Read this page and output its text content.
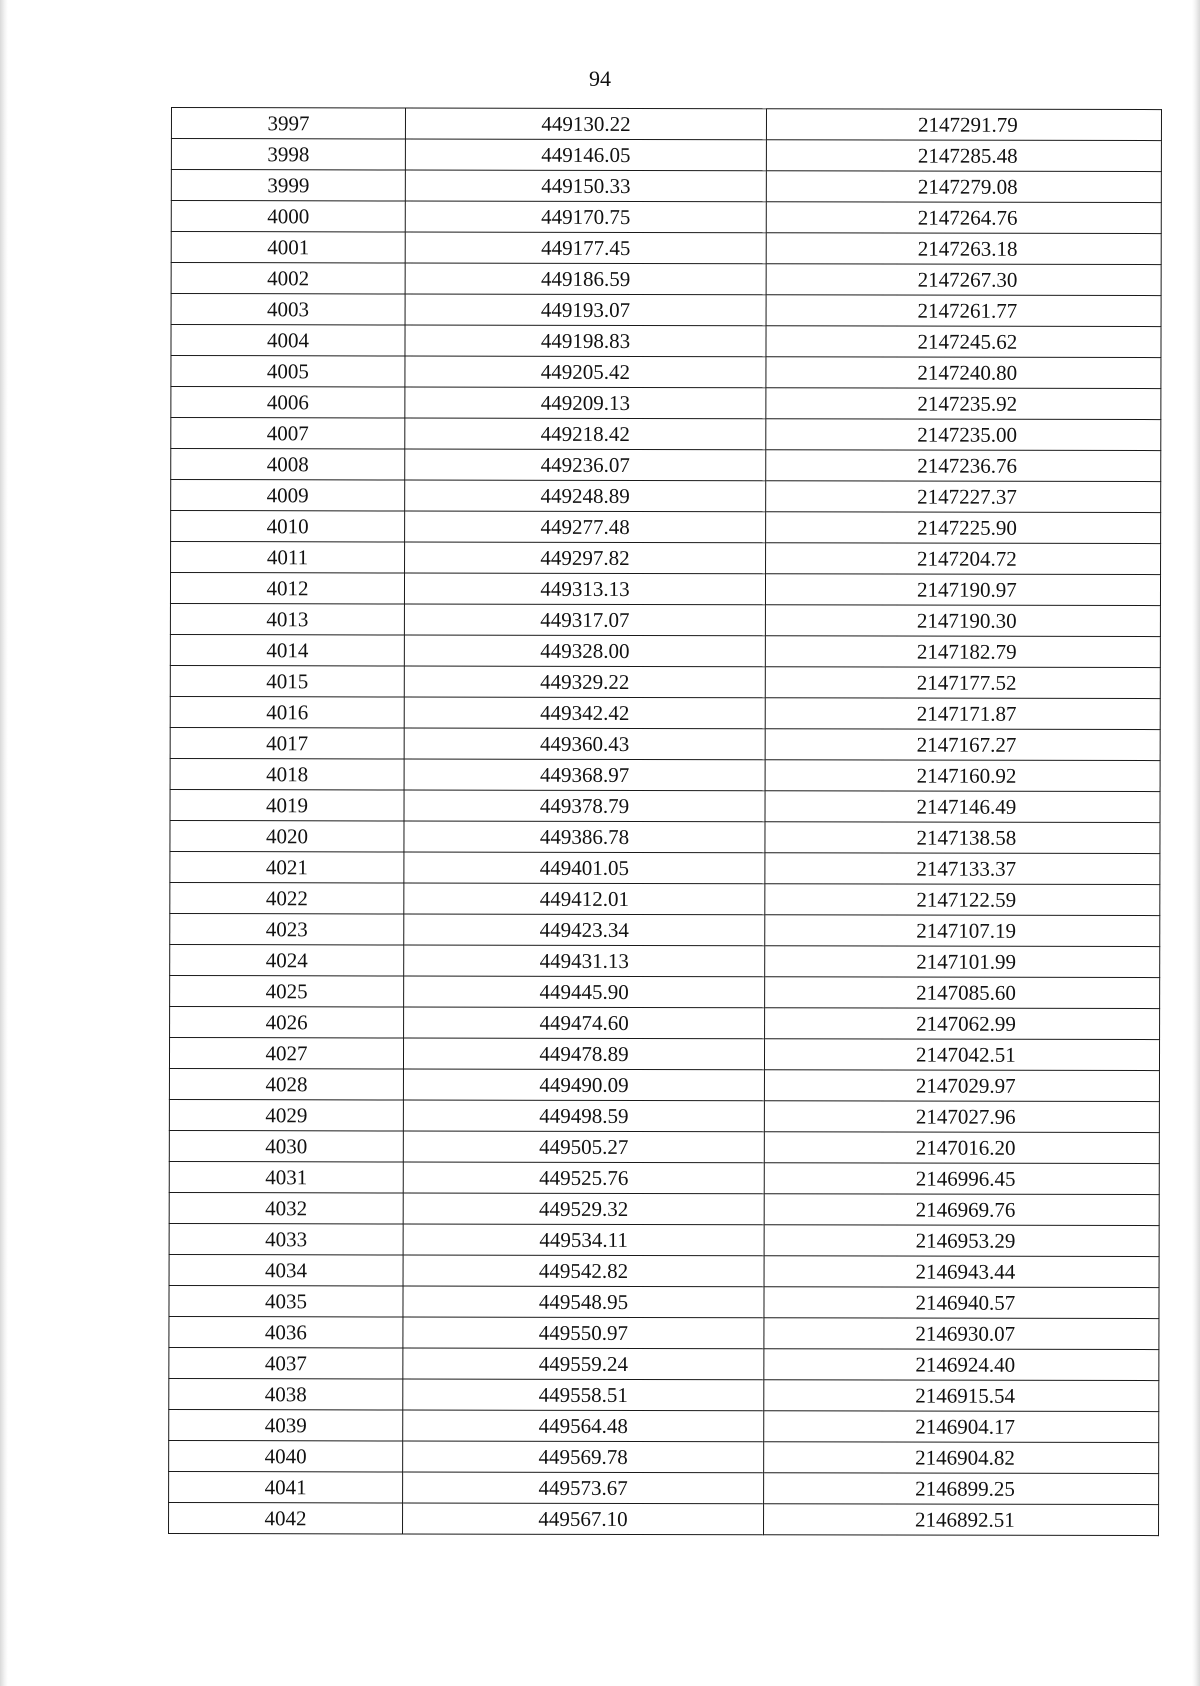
94
3997	449130.22	2147291.79
3998	449146.05	2147285.48
3999	449150.33	2147279.08
4000	449170.75	2147264.76
4001	449177.45	2147263.18
4002	449186.59	2147267.30
4003	449193.07	2147261.77
4004	449198.83	2147245.62
4005	449205.42	2147240.80
4006	449209.13	2147235.92
4007	449218.42	2147235.00
4008	449236.07	2147236.76
4009	449248.89	2147227.37
4010	449277.48	2147225.90
4011	449297.82	2147204.72
4012	449313.13	2147190.97
4013	449317.07	2147190.30
4014	449328.00	2147182.79
4015	449329.22	2147177.52
4016	449342.42	2147171.87
4017	449360.43	2147167.27
4018	449368.97	2147160.92
4019	449378.79	2147146.49
4020	449386.78	2147138.58
4021	449401.05	2147133.37
4022	449412.01	2147122.59
4023	449423.34	2147107.19
4024	449431.13	2147101.99
4025	449445.90	2147085.60
4026	449474.60	2147062.99
4027	449478.89	2147042.51
4028	449490.09	2147029.97
4029	449498.59	2147027.96
4030	449505.27	2147016.20
4031	449525.76	2146996.45
4032	449529.32	2146969.76
4033	449534.11	2146953.29
4034	449542.82	2146943.44
4035	449548.95	2146940.57
4036	449550.97	2146930.07
4037	449559.24	2146924.40
4038	449558.51	2146915.54
4039	449564.48	2146904.17
4040	449569.78	2146904.82
4041	449573.67	2146899.25
4042	449567.10	2146892.51
